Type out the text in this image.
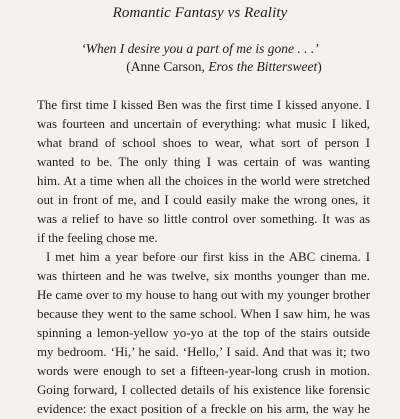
Romantic Fantasy vs Reality
‘When I desire you a part of me is gone . . .’
(Anne Carson, Eros the Bittersweet)
The first time I kissed Ben was the first time I kissed anyone. I
was fourteen and uncertain of everything: what music I liked,
what brand of school shoes to wear, what sort of person I
wanted to be. The only thing I was certain of was wanting
him. At a time when all the choices in the world were stretched
out in front of me, and I could easily make the wrong ones, it
was a relief to have so little control over something. It was as
if the feeling chose me.
I met him a year before our first kiss in the ABC cinema. I
was thirteen and he was twelve, six months younger than me.
He came over to my house to hang out with my younger brother
because they went to the same school. When I saw him, he was
spinning a lemon-yellow yo-yo at the top of the stairs outside
my bedroom. ‘Hi,’ he said. ‘Hello,’ I said. And that was it; two
words were enough to set a fifteen-year-long crush in motion.
Going forward, I collected details of his existence like forensic
evidence: the exact position of a freckle on his arm, the way he
